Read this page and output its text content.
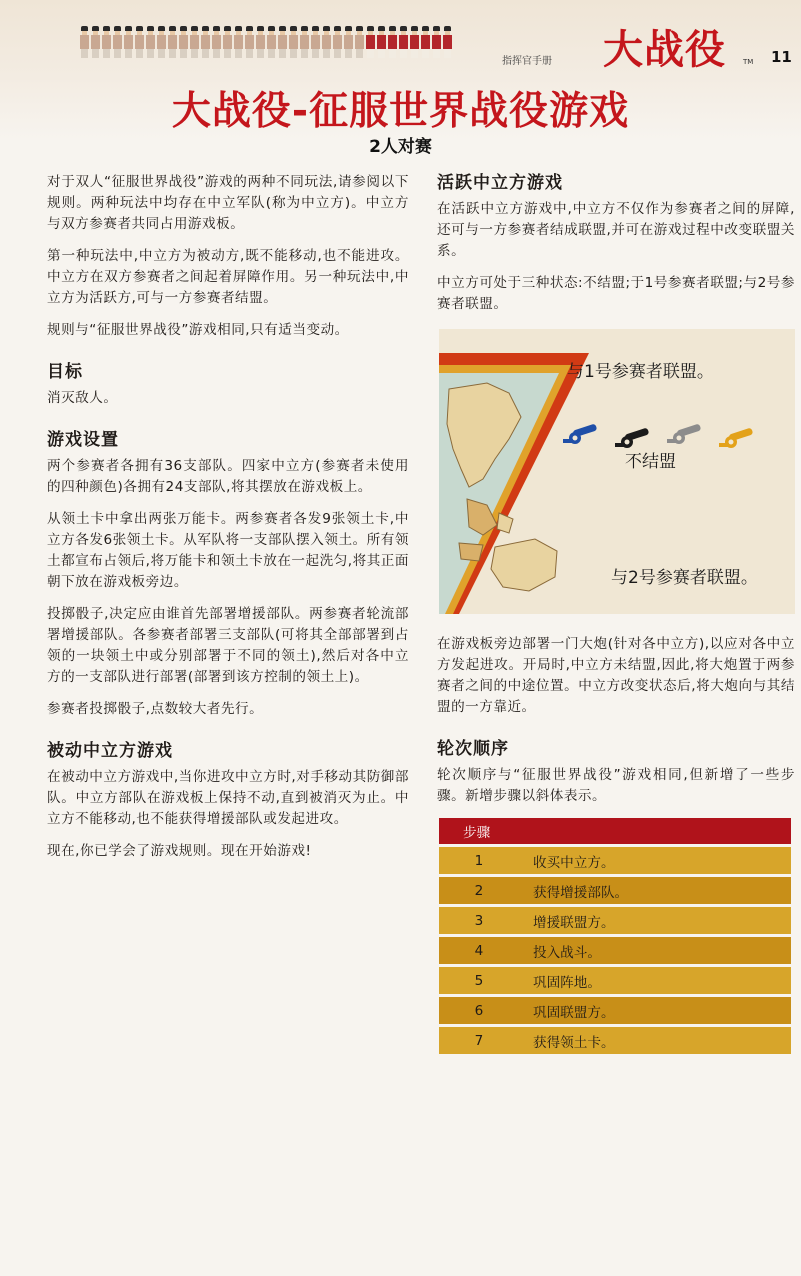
指挥官手册 大战役 TM 11
大战役-征服世界战役游戏
2人对赛

对于双人“征服世界战役”游戏的两种不同玩法,请参阅以下规则。两种玩法中均存在中立军队(称为中立方)。中立方与双方参赛者共同占用游戏板。

第一种玩法中,中立方为被动方,既不能移动,也不能进攻。中立方在双方参赛者之间起着屏障作用。另一种玩法中,中立方为活跃方,可与一方参赛者结盟。

规则与“征服世界战役”游戏相同,只有适当变动。

目标

消灭敌人。

游戏设置

两个参赛者各拥有36支部队。四家中立方(参赛者未使用的四种颜色)各拥有24支部队,将其摆放在游戏板上。

从领土卡中拿出两张万能卡。两参赛者各发9张领土卡,中立方各发6张领土卡。从军队将一支部队摆入领土。所有领土都宣布占领后,将万能卡和领土卡放在一起洗匀,将其正面朝下放在游戏板旁边。

投掷骰子,决定应由谁首先部署增援部队。两参赛者轮流部署增援部队。各参赛者部署三支部队(可将其全部部署到占领的一块领土中或分别部署于不同的领土),然后对各中立方的一支部队进行部署(部署到该方控制的领土上)。

参赛者投掷骰子,点数较大者先行。

被动中立方游戏

在被动中立方游戏中,当你进攻中立方时,对手移动其防御部队。中立方部队在游戏板上保持不动,直到被消灭为止。中立方不能移动,也不能获得增援部队或发起进攻。

现在,你已学会了游戏规则。现在开始游戏!

活跃中立方游戏

在活跃中立方游戏中,中立方不仅作为参赛者之间的屏障,还可与一方参赛者结成联盟,并可在游戏过程中改变联盟关系。

中立方可处于三种状态:不结盟;于1号参赛者联盟;与2号参赛者联盟。

与1号参赛者联盟。
不结盟
与2号参赛者联盟。

在游戏板旁边部署一门大炮(针对各中立方),以应对各中立方发起进攻。开局时,中立方未结盟,因此,将大炮置于两参赛者之间的中途位置。中立方改变状态后,将大炮向与其结盟的一方靠近。

轮次顺序

轮次顺序与“征服世界战役”游戏相同,但新增了一些步骤。新增步骤以斜体表示。

步骤	
1	收买中立方。
2	获得增援部队。
3	增援联盟方。
4	投入战斗。
5	巩固阵地。
6	巩固联盟方。
7	获得领土卡。
